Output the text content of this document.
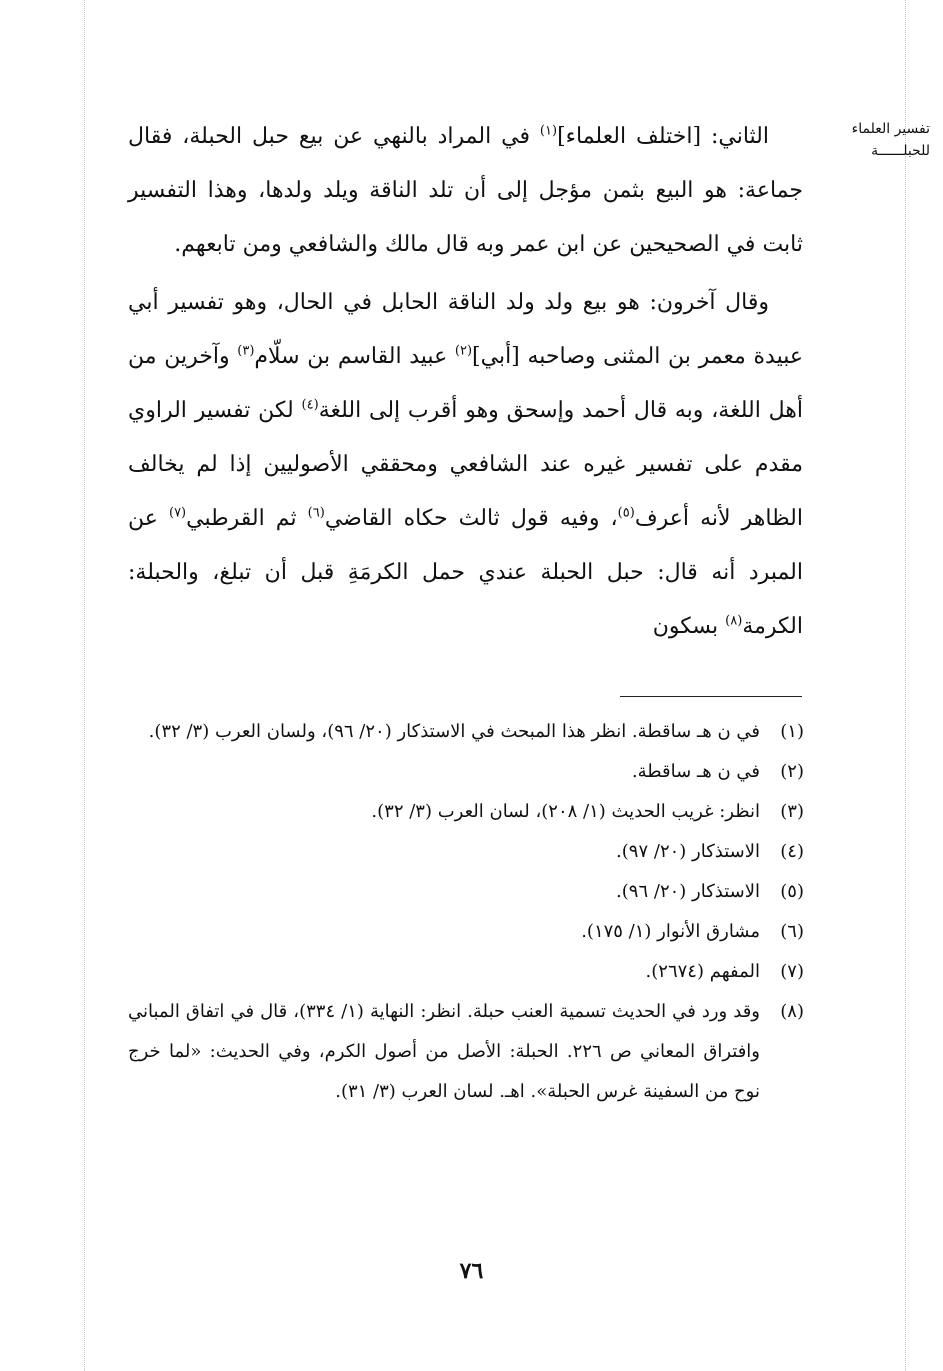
تفسير العلماء
للحبلــــــة

الثاني: [اختلف العلماء]$^{(١)}$ في المراد بالنهي عن بيع حبل الحبلة، فقال جماعة: هو البيع بثمن مؤجل إلى أن تلد الناقة ويلد ولدها، وهذا التفسير ثابت في الصحيحين عن ابن عمر وبه قال مالك والشافعي ومن تابعهم.

وقال آخرون: هو بيع ولد ولد الناقة الحابل في الحال، وهو تفسير أبي عبيدة معمر بن المثنى وصاحبه [أبي]$^{(٢)}$ عبيد القاسم بن سلّام$^{(٣)}$ وآخرين من أهل اللغة، وبه قال أحمد وإسحق وهو أقرب إلى اللغة$^{(٤)}$ لكن تفسير الراوي مقدم على تفسير غيره عند الشافعي ومحققي الأصوليين إذا لم يخالف الظاهر لأنه أعرف$^{(٥)}$، وفيه قول ثالث حكاه القاضي$^{(٦)}$ ثم القرطبي$^{(٧)}$ عن المبرد أنه قال: حبل الحبلة عندي حمل الكرمَةِ قبل أن تبلغ، والحبلة: الكرمة$^{(٨)}$ بسكون

(١)
في ن هـ ساقطة. انظر هذا المبحث في الاستذكار (٢٠/ ٩٦)، ولسان العرب (٣/ ٣٢).
(٢)
في ن هـ ساقطة.
(٣)
انظر: غريب الحديث (١/ ٢٠٨)، لسان العرب (٣/ ٣٢).
(٤)
الاستذكار (٢٠/ ٩٧).
(٥)
الاستذكار (٢٠/ ٩٦).
(٦)
مشارق الأنوار (١/ ١٧٥).
(٧)
المفهم (٢٦٧٤).
(٨)
وقد ورد في الحديث تسمية العنب حبلة. انظر: النهاية (١/ ٣٣٤)، قال في اتفاق المباني وافتراق المعاني ص ٢٢٦. الحبلة: الأصل من أصول الكرم، وفي الحديث: «لما خرج نوح من السفينة غرس الحبلة». اهـ. لسان العرب (٣/ ٣١).
٧٦
